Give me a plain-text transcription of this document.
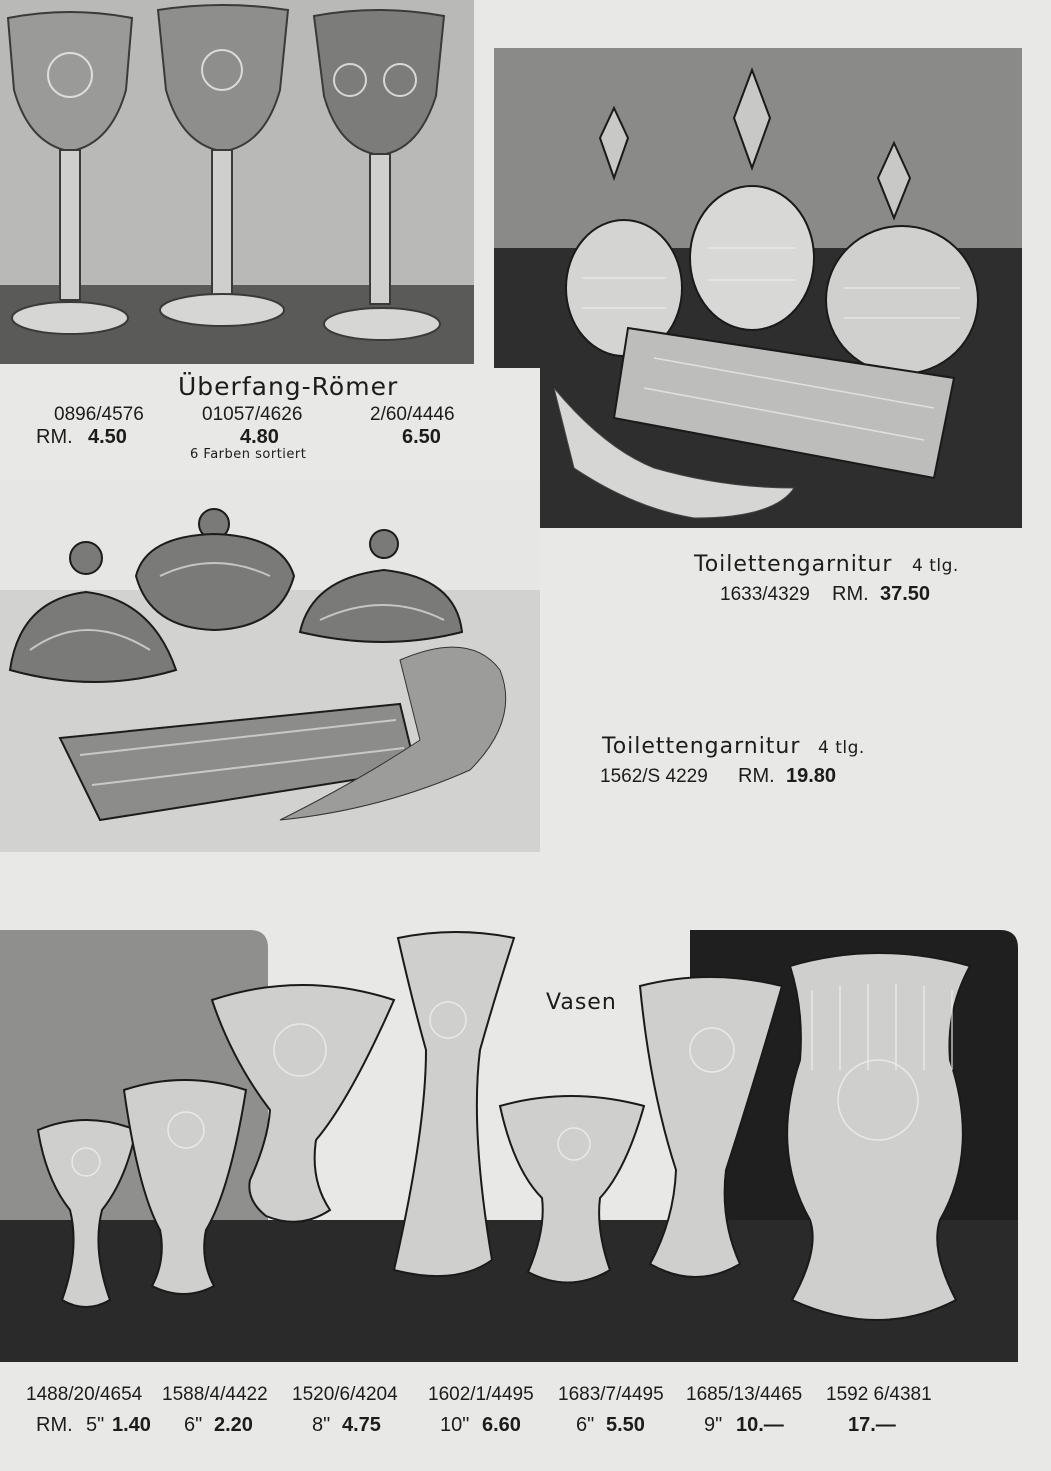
Überfang-Römer
0896/4576	01057/4626	2/60/4446
RM. 4.50	4.80	6.50
6 Farben sortiert
Toilettengarnitur 4 tlg.
1633/4329 RM. 37.50
Toilettengarnitur 4 tlg.
1562/S 4229 RM. 19.80
Vasen
1488/20/4654 1588/4/4422 1520/6/4204 1602/1/4495 1683/7/4495 1685/13/4465 1592 6/4381
RM. 5" 1.40 6" 2.20	8" 4.75	10" 6.60	6" 5.50	9" 10.—	17.—
